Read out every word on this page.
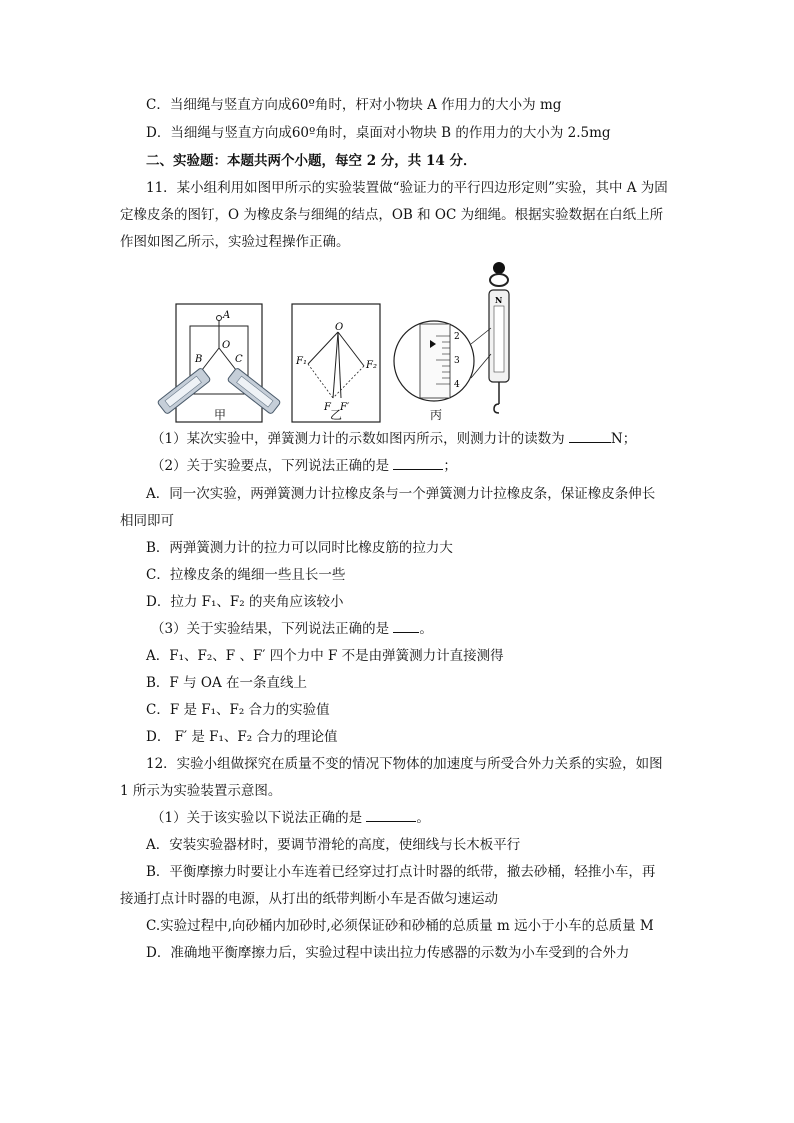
C．当细绳与竖直方向成60º角时，杆对小物块 A 作用力的大小为 mg
D．当细绳与竖直方向成60º角时，桌面对小物块 B 的作用力的大小为 2.5mg
二、实验题：本题共两个小题，每空 2 分，共 14 分．
11．某小组利用如图甲所示的实验装置做“验证力的平行四边形定则”实验，其中 A 为固
定橡皮条的图钉，O 为橡皮条与细绳的结点，OB 和 OC 为细绳。根据实验数据在白纸上所
作图如图乙所示，实验过程操作正确。
A
O
B	C
O
F₁	F₂
F F′
2
3
4
N
甲	乙	丙
（1）某次实验中，弹簧测力计的示数如图丙所示，则测力计的读数为	N；
（2）关于实验要点，下列说法正确的是	；
A．同一次实验，两弹簧测力计拉橡皮条与一个弹簧测力计拉橡皮条，保证橡皮条伸长
相同即可
B．两弹簧测力计的拉力可以同时比橡皮筋的拉力大
C．拉橡皮条的绳细一些且长一些
D．拉力 F₁、F₂ 的夹角应该较小
（3）关于实验结果，下列说法正确的是 。
A．F₁、F₂、F 、F′ 四个力中 F 不是由弹簧测力计直接测得
B．F 与 OA 在一条直线上
C．F 是 F₁、F₂ 合力的实验值
D． F′ 是 F₁、F₂ 合力的理论值
12．实验小组做探究在质量不变的情况下物体的加速度与所受合外力关系的实验，如图
1 所示为实验装置示意图。
（1）关于该实验以下说法正确的是	。
A．安装实验器材时，要调节滑轮的高度，使细线与长木板平行
B．平衡摩擦力时要让小车连着已经穿过打点计时器的纸带，撤去砂桶，轻推小车，再
接通打点计时器的电源，从打出的纸带判断小车是否做匀速运动
C.实验过程中,向砂桶内加砂时,必须保证砂和砂桶的总质量 m 远小于小车的总质量 M
D．准确地平衡摩擦力后，实验过程中读出拉力传感器的示数为小车受到的合外力
